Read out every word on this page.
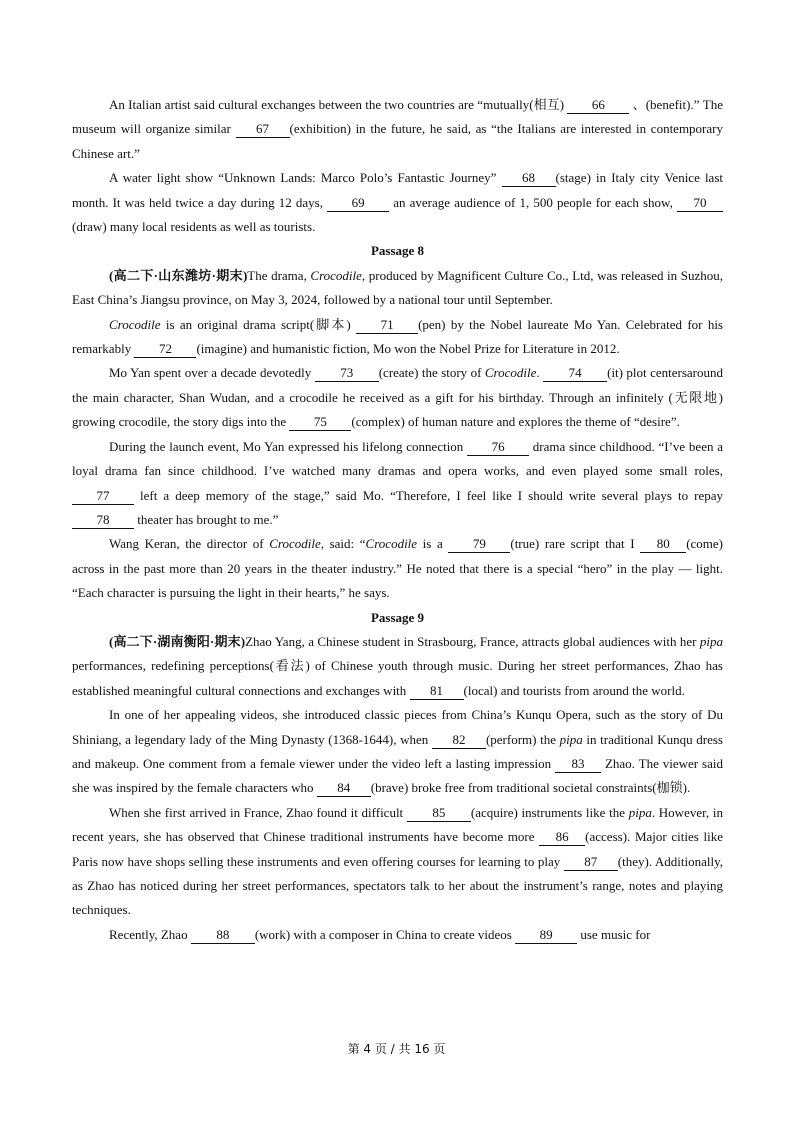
An Italian artist said cultural exchanges between the two countries are “mutually(相互) 66 、(benefit).” The museum will organize similar 67 (exhibition) in the future, he said, as “the Italians are interested in contemporary Chinese art.”

A water light show “Unknown Lands: Marco Polo’s Fantastic Journey” 68 (stage) in Italy city Venice last month. It was held twice a day during 12 days, 69 an average audience of 1, 500 people for each show, 70(draw) many local residents as well as tourists.

Passage 8

(高二下·山东潍坊·期末)The drama, Crocodile, produced by Magnificent Culture Co., Ltd, was released in Suzhou, East China’s Jiangsu province, on May 3, 2024, followed by a national tour until September.

Crocodile is an original drama script(脚本) 71 (pen) by the Nobel laureate Mo Yan. Celebrated for his remarkably 72 (imagine) and humanistic fiction, Mo won the Nobel Prize for Literature in 2012.

Mo Yan spent over a decade devotedly 73 (create) the story of Crocodile. 74 (it) plot centersaround the main character, Shan Wudan, and a crocodile he received as a gift for his birthday. Through an infinitely (无限地) growing crocodile, the story digs into the 75 (complex) of human nature and explores the theme of “desire”.

During the launch event, Mo Yan expressed his lifelong connection 76 drama since childhood. “I’ve been a loyal drama fan since childhood. I’ve watched many dramas and opera works, and even played some small roles, 77 left a deep memory of the stage,” said Mo. “Therefore, I feel like I should write several plays to repay 78 theater has brought to me.”

Wang Keran, the director of Crocodile, said: “Crocodile is a 79 (true) rare script that I 80 (come) across in the past more than 20 years in the theater industry.” He noted that there is a special “hero” in the play — light. “Each character is pursuing the light in their hearts,” he says.

Passage 9

(高二下·湖南衡阳·期末)Zhao Yang, a Chinese student in Strasbourg, France, attracts global audiences with her pipa performances, redefining perceptions(看法) of Chinese youth through music. During her street performances, Zhao has established meaningful cultural connections and exchanges with 81 (local) and tourists from around the world.

In one of her appealing videos, she introduced classic pieces from China’s Kunqu Opera, such as the story of Du Shiniang, a legendary lady of the Ming Dynasty (1368-1644), when 82 (perform) the pipa in traditional Kunqu dress and makeup. One comment from a female viewer under the video left a lasting impression 83 Zhao. The viewer said she was inspired by the female characters who 84 (brave) broke free from traditional societal constraints(枷锁).

When she first arrived in France, Zhao found it difficult 85 (acquire) instruments like the pipa. However, in recent years, she has observed that Chinese traditional instruments have become more 86 (access). Major cities like Paris now have shops selling these instruments and even offering courses for learning to play 87 (they). Additionally, as Zhao has noticed during her street performances, spectators talk to her about the instrument’s range, notes and playing techniques.

Recently, Zhao 88 (work) with a composer in China to create videos 89 use music for

第 4 页 / 共 16 页
